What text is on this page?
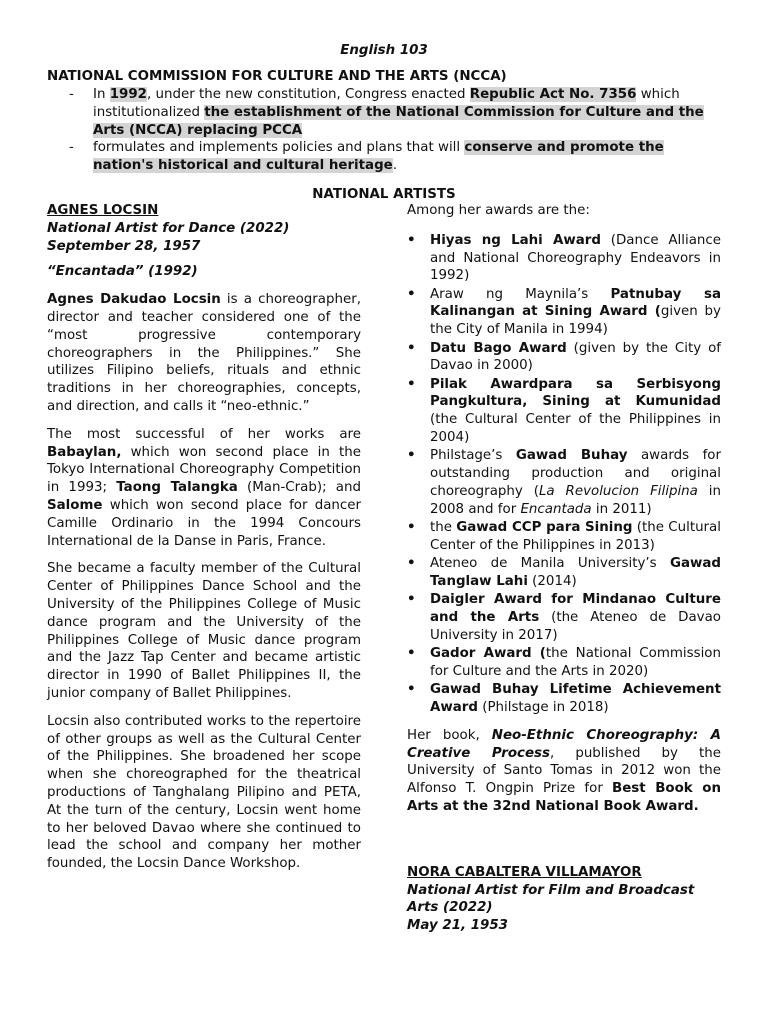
English 103
NATIONAL COMMISSION FOR CULTURE AND THE ARTS (NCCA)
- In 1992, under the new constitution, Congress enacted Republic Act No. 7356 which institutionalized the establishment of the National Commission for Culture and the Arts (NCCA) replacing PCCA
- formulates and implements policies and plans that will conserve and promote the nation's historical and cultural heritage.
NATIONAL ARTISTS
AGNES LOCSIN
National Artist for Dance (2022)
September 28, 1957
“Encantada” (1992)

Agnes Dakudao Locsin is a choreographer, director and teacher considered one of the “most progressive contemporary choreographers in the Philippines.” She utilizes Filipino beliefs, rituals and ethnic traditions in her choreographies, concepts, and direction, and calls it “neo-ethnic.”

The most successful of her works are Babaylan, which won second place in the Tokyo International Choreography Competition in 1993; Taong Talangka (Man-Crab); and Salome which won second place for dancer Camille Ordinario in the 1994 Concours International de la Danse in Paris, France.

She became a faculty member of the Cultural Center of Philippines Dance School and the University of the Philippines College of Music dance program and the University of the Philippines College of Music dance program and the Jazz Tap Center and became artistic director in 1990 of Ballet Philippines II, the junior company of Ballet Philippines.

Locsin also contributed works to the repertoire of other groups as well as the Cultural Center of the Philippines. She broadened her scope when she choreographed for the theatrical productions of Tanghalang Pilipino and PETA, At the turn of the century, Locsin went home to her beloved Davao where she continued to lead the school and company her mother founded, the Locsin Dance Workshop.

Among her awards are the:
• Hiyas ng Lahi Award (Dance Alliance and National Choreography Endeavors in 1992)
• Araw ng Maynila’s Patnubay sa Kalinangan at Sining Award (given by the City of Manila in 1994)
• Datu Bago Award (given by the City of Davao in 2000)
• Pilak Awardpara sa Serbisyong Pangkultura, Sining at Kumunidad (the Cultural Center of the Philippines in 2004)
• Philstage’s Gawad Buhay awards for outstanding production and original choreography (La Revolucion Filipina in 2008 and for Encantada in 2011)
• the Gawad CCP para Sining (the Cultural Center of the Philippines in 2013)
• Ateneo de Manila University’s Gawad Tanglaw Lahi (2014)
• Daigler Award for Mindanao Culture and the Arts (the Ateneo de Davao University in 2017)
• Gador Award (the National Commission for Culture and the Arts in 2020)
• Gawad Buhay Lifetime Achievement Award (Philstage in 2018)

Her book, Neo-Ethnic Choreography: A Creative Process, published by the University of Santo Tomas in 2012 won the Alfonso T. Ongpin Prize for Best Book on Arts at the 32nd National Book Award.

NORA CABALTERA VILLAMAYOR
National Artist for Film and Broadcast Arts (2022)
May 21, 1953
